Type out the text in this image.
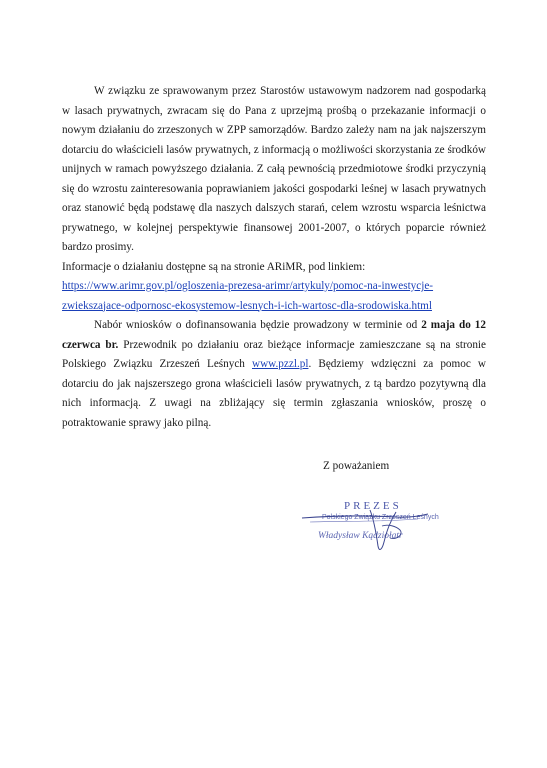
W związku ze sprawowanym przez Starostów ustawowym nadzorem nad gospodarką w lasach prywatnych, zwracam się do Pana z uprzejmą prośbą o przekazanie informacji o nowym działaniu do zrzeszonych w ZPP samorządów. Bardzo zależy nam na jak najszerszym dotarciu do właścicieli lasów prywatnych, z informacją o możliwości skorzystania ze środków unijnych w ramach powyższego działania. Z całą pewnością przedmiotowe środki przyczynią się do wzrostu zainteresowania poprawianiem jakości gospodarki leśnej w lasach prywatnych oraz stanowić będą podstawę dla naszych dalszych starań, celem wzrostu wsparcia leśnictwa prywatnego, w kolejnej perspektywie finansowej 2001-2007, o których poparcie również bardzo prosimy.

Informacje o działaniu dostępne są na stronie ARiMR, pod linkiem:

https://www.arimr.gov.pl/ogloszenia-prezesa-arimr/artykuly/pomoc-na-inwestycje-
zwiekszajace-odpornosc-ekosystemow-lesnych-i-ich-wartosc-dla-srodowiska.html

Nabór wniosków o dofinansowania będzie prowadzony w terminie od 2 maja do 12 czerwca br. Przewodnik po działaniu oraz bieżące informacje zamieszczane są na stronie Polskiego Związku Zrzeszeń Leśnych www.pzzl.pl. Będziemy wdzięczni za pomoc w dotarciu do jak najszerszego grona właścicieli lasów prywatnych, z tą bardzo pozytywną dla nich informacją. Z uwagi na zbliżający się termin zgłaszania wniosków, proszę o potraktowanie sprawy jako pilną.

Z poważaniem
PREZES
Polskiego Związku Zrzeszeń Leśnych
Władysław Kądziołatr
